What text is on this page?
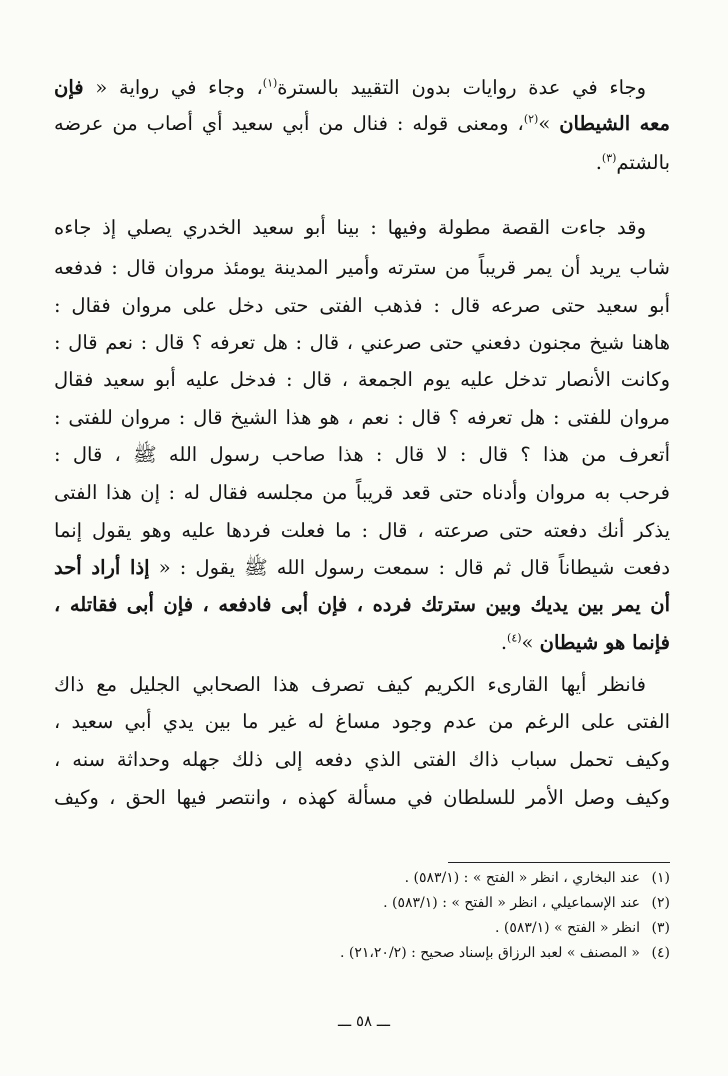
وجاء في عدة روايات بدون التقييد بالسترة$^{(١)}$، وجاء في رواية « فإن
معه الشيطان »$^{(٢)}$، ومعنى قوله : فنال من أبي سعيد أي أصاب من عرضه
بالشتم$^{(٣)}$.
وقد جاءت القصة مطولة وفيها : بينا أبو سعيد الخدري يصلي إذ جاءه
شاب يريد أن يمر قريباً من سترته وأمير المدينة يومئذ مروان قال : فدفعه
أبو سعيد حتى صرعه قال : فذهب الفتى حتى دخل على مروان فقال :
هاهنا شيخ مجنون دفعني حتى صرعني ، قال : هل تعرفه ؟ قال : نعم قال :
وكانت الأنصار تدخل عليه يوم الجمعة ، قال : فدخل عليه أبو سعيد فقال
مروان للفتى : هل تعرفه ؟ قال : نعم ، هو هذا الشيخ قال : مروان للفتى :
أتعرف من هذا ؟ قال : لا قال : هذا صاحب رسول الله ﷺ ، قال :
فرحب به مروان وأدناه حتى قعد قريباً من مجلسه فقال له : إن هذا الفتى
يذكر أنك دفعته حتى صرعته ، قال : ما فعلت فردها عليه وهو يقول إنما
دفعت شيطاناً قال ثم قال : سمعت رسول الله ﷺ يقول : « إذا أراد أحد
أن يمر بين يديك وبين سترتك فرده ، فإن أبى فادفعه ، فإن أبى فقاتله ،
فإنما هو شيطان »$^{(٤)}$.
فانظر أيها القارىء الكريم كيف تصرف هذا الصحابي الجليل مع ذاك
الفتى على الرغم من عدم وجود مساغ له غير ما بين يدي أبي سعيد ،
وكيف تحمل سباب ذاك الفتى الذي دفعه إلى ذلك جهله وحداثة سنه ،
وكيف وصل الأمر للسلطان في مسألة كهذه ، وانتصر فيها الحق ، وكيف
(١)
عند البخاري ، انظر « الفتح » : (٥٨٣/١) .
(٢)
عند الإسماعيلي ، انظر « الفتح » : (٥٨٣/١) .
(٣)
انظر « الفتح » (٥٨٣/١) .
(٤)
« المصنف » لعبد الرزاق بإسناد صحيح : (٢١،٢٠/٢) .
ـــ ٥٨ ـــ
